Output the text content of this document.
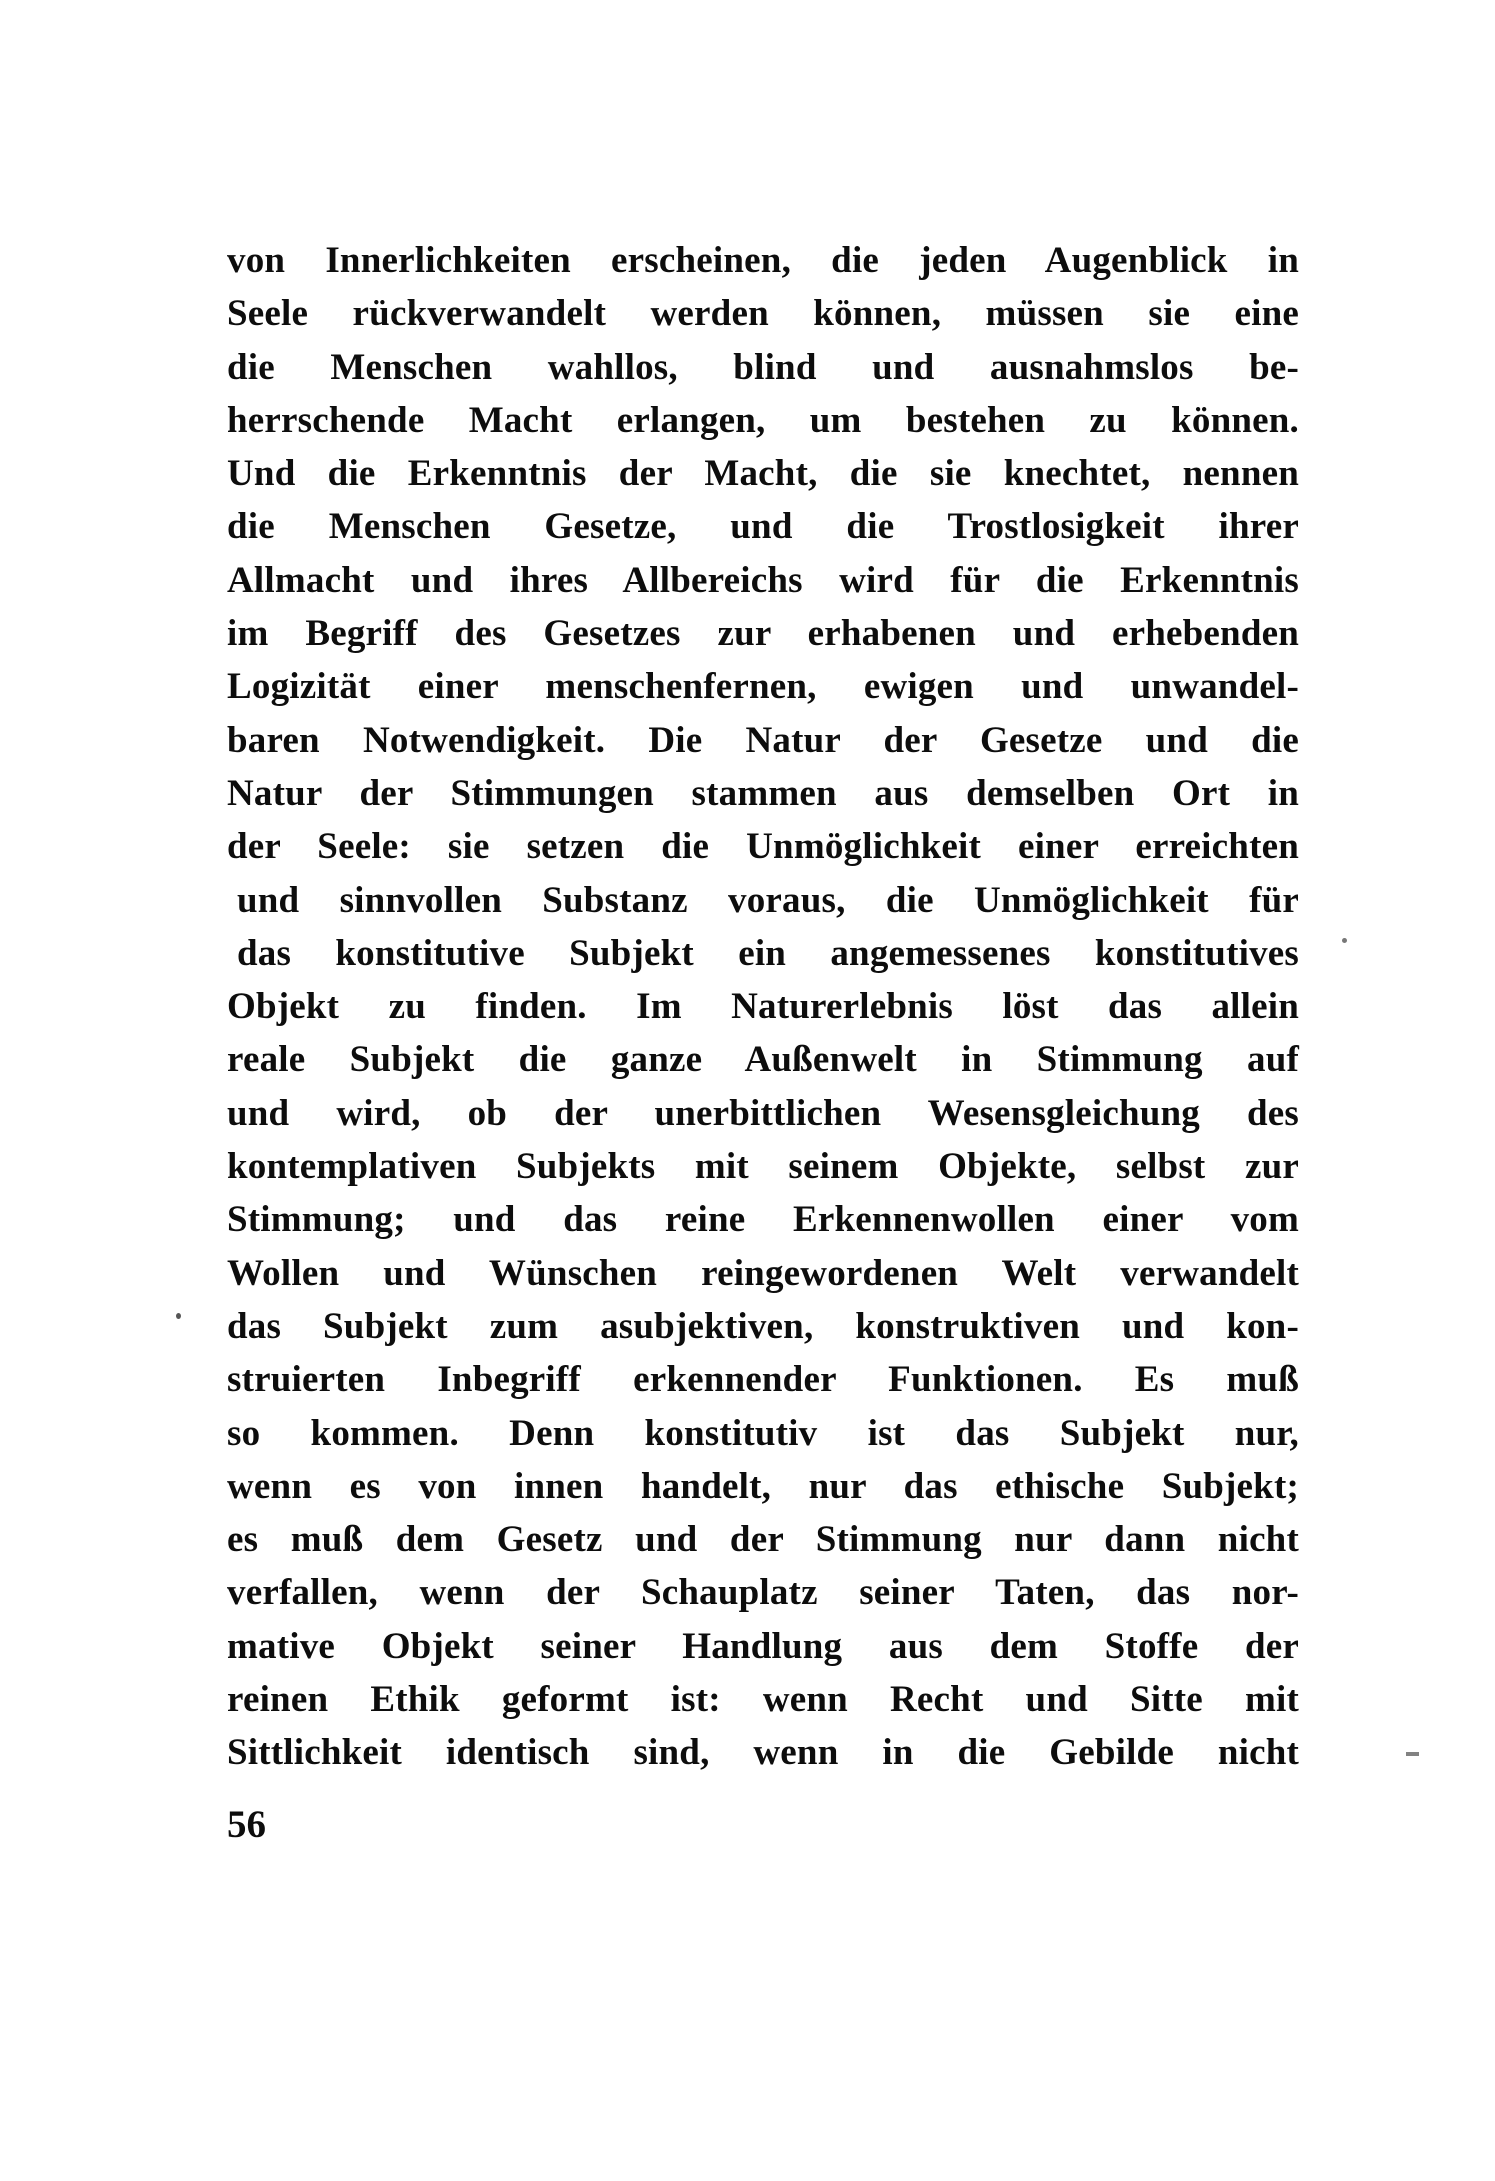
von Innerlichkeiten erscheinen, die jeden Augenblick in
Seele rückverwandelt werden können, müssen sie eine
die Menschen wahllos, blind und ausnahmslos be-
herrschende Macht erlangen, um bestehen zu können.
Und die Erkenntnis der Macht, die sie knechtet, nennen
die Menschen Gesetze, und die Trostlosigkeit ihrer
Allmacht und ihres Allbereichs wird für die Erkenntnis
im Begriff des Gesetzes zur erhabenen und erhebenden
Logizität einer menschenfernen, ewigen und unwandel-
baren Notwendigkeit. Die Natur der Gesetze und die
Natur der Stimmungen stammen aus demselben Ort in
der Seele: sie setzen die Unmöglichkeit einer erreichten
und sinnvollen Substanz voraus, die Unmöglichkeit für
das konstitutive Subjekt ein angemessenes konstitutives
Objekt zu finden. Im Naturerlebnis löst das allein
reale Subjekt die ganze Außenwelt in Stimmung auf
und wird, ob der unerbittlichen Wesensgleichung des
kontemplativen Subjekts mit seinem Objekte, selbst zur
Stimmung; und das reine Erkennenwollen einer vom
Wollen und Wünschen reingewordenen Welt verwandelt
das Subjekt zum asubjektiven, konstruktiven und kon-
struierten Inbegriff erkennender Funktionen. Es muß
so kommen. Denn konstitutiv ist das Subjekt nur,
wenn es von innen handelt, nur das ethische Subjekt;
es muß dem Gesetz und der Stimmung nur dann nicht
verfallen, wenn der Schauplatz seiner Taten, das nor-
mative Objekt seiner Handlung aus dem Stoffe der
reinen Ethik geformt ist: wenn Recht und Sitte mit
Sittlichkeit identisch sind, wenn in die Gebilde nicht
56
